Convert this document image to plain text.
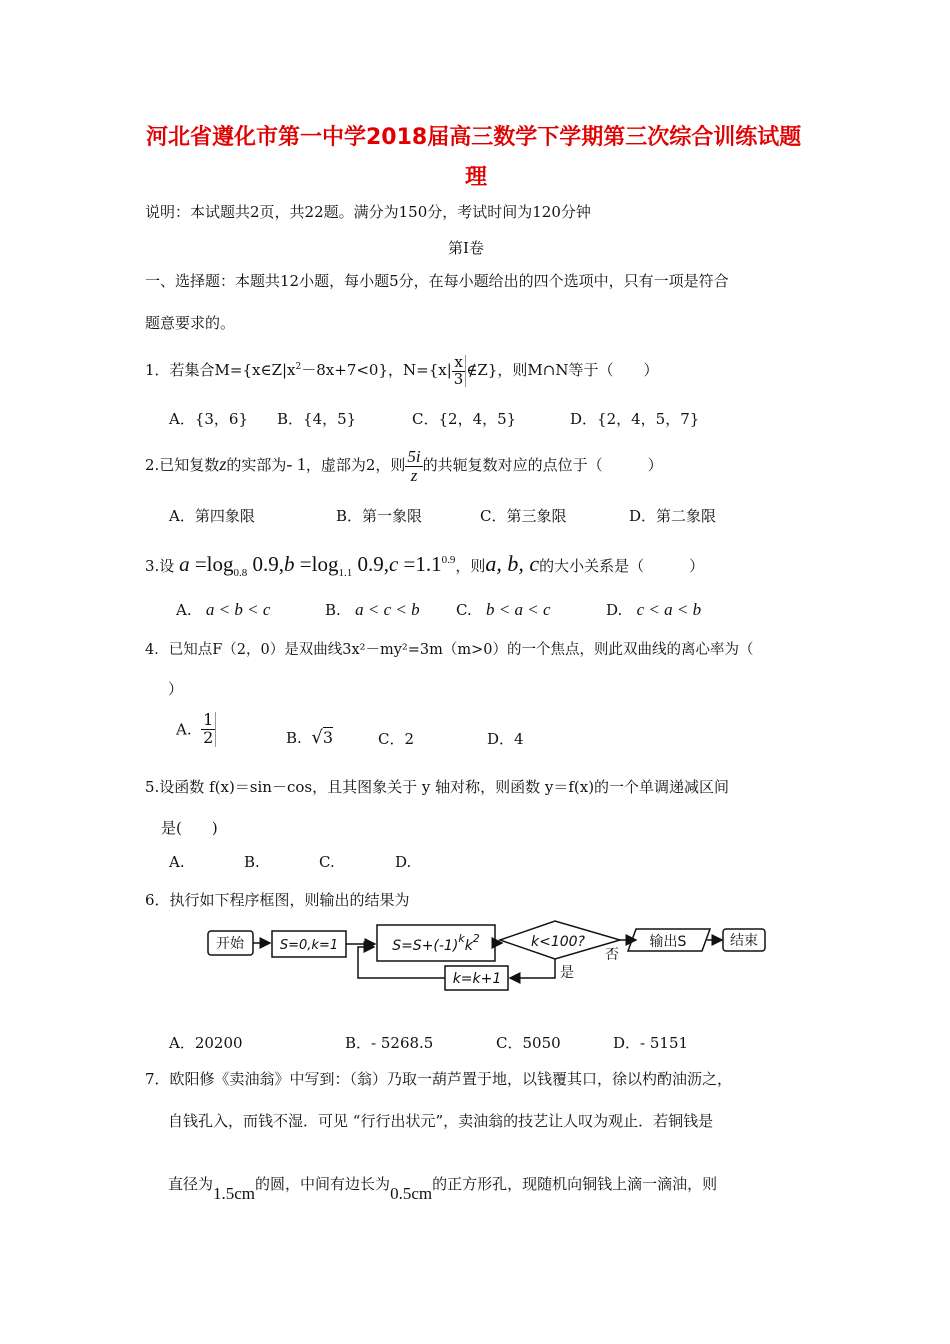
河北省遵化市第一中学2018届高三数学下学期第三次综合训练试题
理
说明：本试题共2页，共22题。满分为150分，考试时间为120分钟
第Ⅰ卷
一、选择题：本题共12小题，每小题5分，在每小题给出的四个选项中，只有一项是符合
题意要求的。
1．若集合$M=\{x\in Z|x^2-8x+7<0\}$，$N=\{x| \frac{x}{3}$ ∉Z}，则M∩N等于（　　）
A．{3，6} B．{4，5}	C．{2，4，5}	D．{2，4，5，7}
2.已知复数z的实部为- 1，虚部为2，则 $\frac{5i}{z}$ 的共轭复数对应的点位于（　　　）
A．第四象限	B．第一象限	C．第三象限	D．第二象限
3.设 $a =\log_{0.8}$ $0.9,b =\log_{1.1}$ $0.9,c =1.1^{0.9}$，则a, b, c的大小关系是（　　　）
A. a < b < c	B. a < c < b C. b < a < c	D. c < a < b
4．已知点F（2，0）是双曲线3x²－my²=3m（m>0）的一个焦点，则此双曲线的离心率为（
）
A. $\frac{1}{2}$	B. √3	C．2	D．4
5.设函数 f(x)＝sin－cos，且其图象关于 y 轴对称，则函数 y＝f(x)的一个单调递减区间
是(　　)
A.	B.	C.	D.
6．执行如下程序框图，则输出的结果为
开始	S=0,k=1	$S=S+(-1)^kk^2$	k<100?	输出S	结束
是
否
k=k+1
A．20200	B．- 5268.5	C．5050	D．- 5151
7．欧阳修《卖油翁》中写到：（翁）乃取一葫芦置于地，以钱覆其口，徐以杓酌油沥之，
自钱孔入，而钱不湿．可见 “行行出状元”，卖油翁的技艺让人叹为观止．若铜钱是
直径为1.5cm的圆，中间有边长为0.5cm的正方形孔，现随机向铜钱上滴一滴油，则
